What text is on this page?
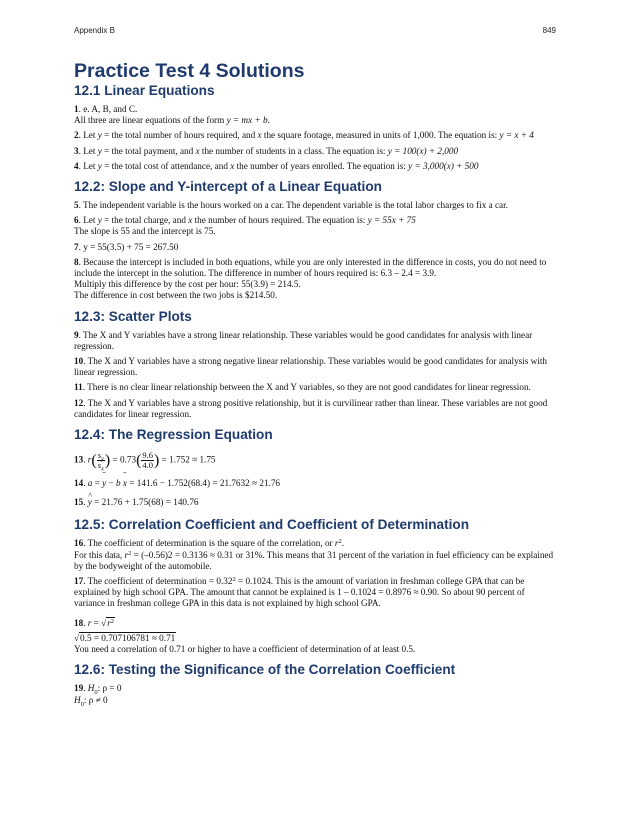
Appendix B	849
Practice Test 4 Solutions
12.1 Linear Equations

1. e. A, B, and C.
All three are linear equations of the form y = mx + b.

2. Let y = the total number of hours required, and x the square footage, measured in units of 1,000. The equation is: y = x + 4

3. Let y = the total payment, and x the number of students in a class. The equation is: y = 100(x) + 2,000

4. Let y = the total cost of attendance, and x the number of years enrolled. The equation is: y = 3,000(x) + 500

12.2: Slope and Y-intercept of a Linear Equation

5. The independent variable is the hours worked on a car. The dependent variable is the total labor charges to fix a car.

6. Let y = the total charge, and x the number of hours required. The equation is: y = 55x + 75
The slope is 55 and the intercept is 75.

7. y = 55(3.5) + 75 = 267.50

8. Because the intercept is included in both equations, while you are only interested in the difference in costs, you do not need to include the intercept in the solution. The difference in number of hours required is: 6.3 – 2.4 = 3.9.
Multiply this difference by the cost per hour: 55(3.9) = 214.5.
The difference in cost between the two jobs is $214.50.

12.3: Scatter Plots

9. The X and Y variables have a strong linear relationship. These variables would be good candidates for analysis with linear regression.

10. The X and Y variables have a strong negative linear relationship. These variables would be good candidates for analysis with linear regression.

11. There is no clear linear relationship between the X and Y variables, so they are not good candidates for linear regression.

12. The X and Y variables have a strong positive relationship, but it is curvilinear rather than linear. These variables are not good candidates for linear regression.

12.4: The Regression Equation

13. $r( \frac{s_y}{s_x}$ ) = $0.73( \frac{9.6}{4.0}$ ) = 1.752 ≈ 1.75

14. a = ˉ y − b ˉ x = 141.6 − 1.752(68.4) = 21.7632 ≈ 21.76

15. ^ y = 21.76 + 1.75(68) = 140.76

12.5: Correlation Coefficient and Coefficient of Determination

16. The coefficient of determination is the square of the correlation, or $r^2$.
For this data, $r^2 = (-0.56)2 = 0.3136 \approx 0.31$ or 31%. This means that 31 percent of the variation in fuel efficiency can be explained by the bodyweight of the automobile.

17. The coefficient of determination = $0.32^2 = 0.1024$. This is the amount of variation in freshman college GPA that can be explained by high school GPA. The amount that cannot be explained is 1 – 0.1024 = 0.8976 ≈ 0.90. So about 90 percent of variance in freshman college GPA in this data is not explained by high school GPA.

18. $r = √r^2$
√0.5 = 0.707106781 ≈ 0.71
You need a correlation of 0.71 or higher to have a coefficient of determination of at least 0.5.

12.6: Testing the Significance of the Correlation Coefficient

19. $H_0$: ρ = 0
$H_0$: ρ ≠ 0
